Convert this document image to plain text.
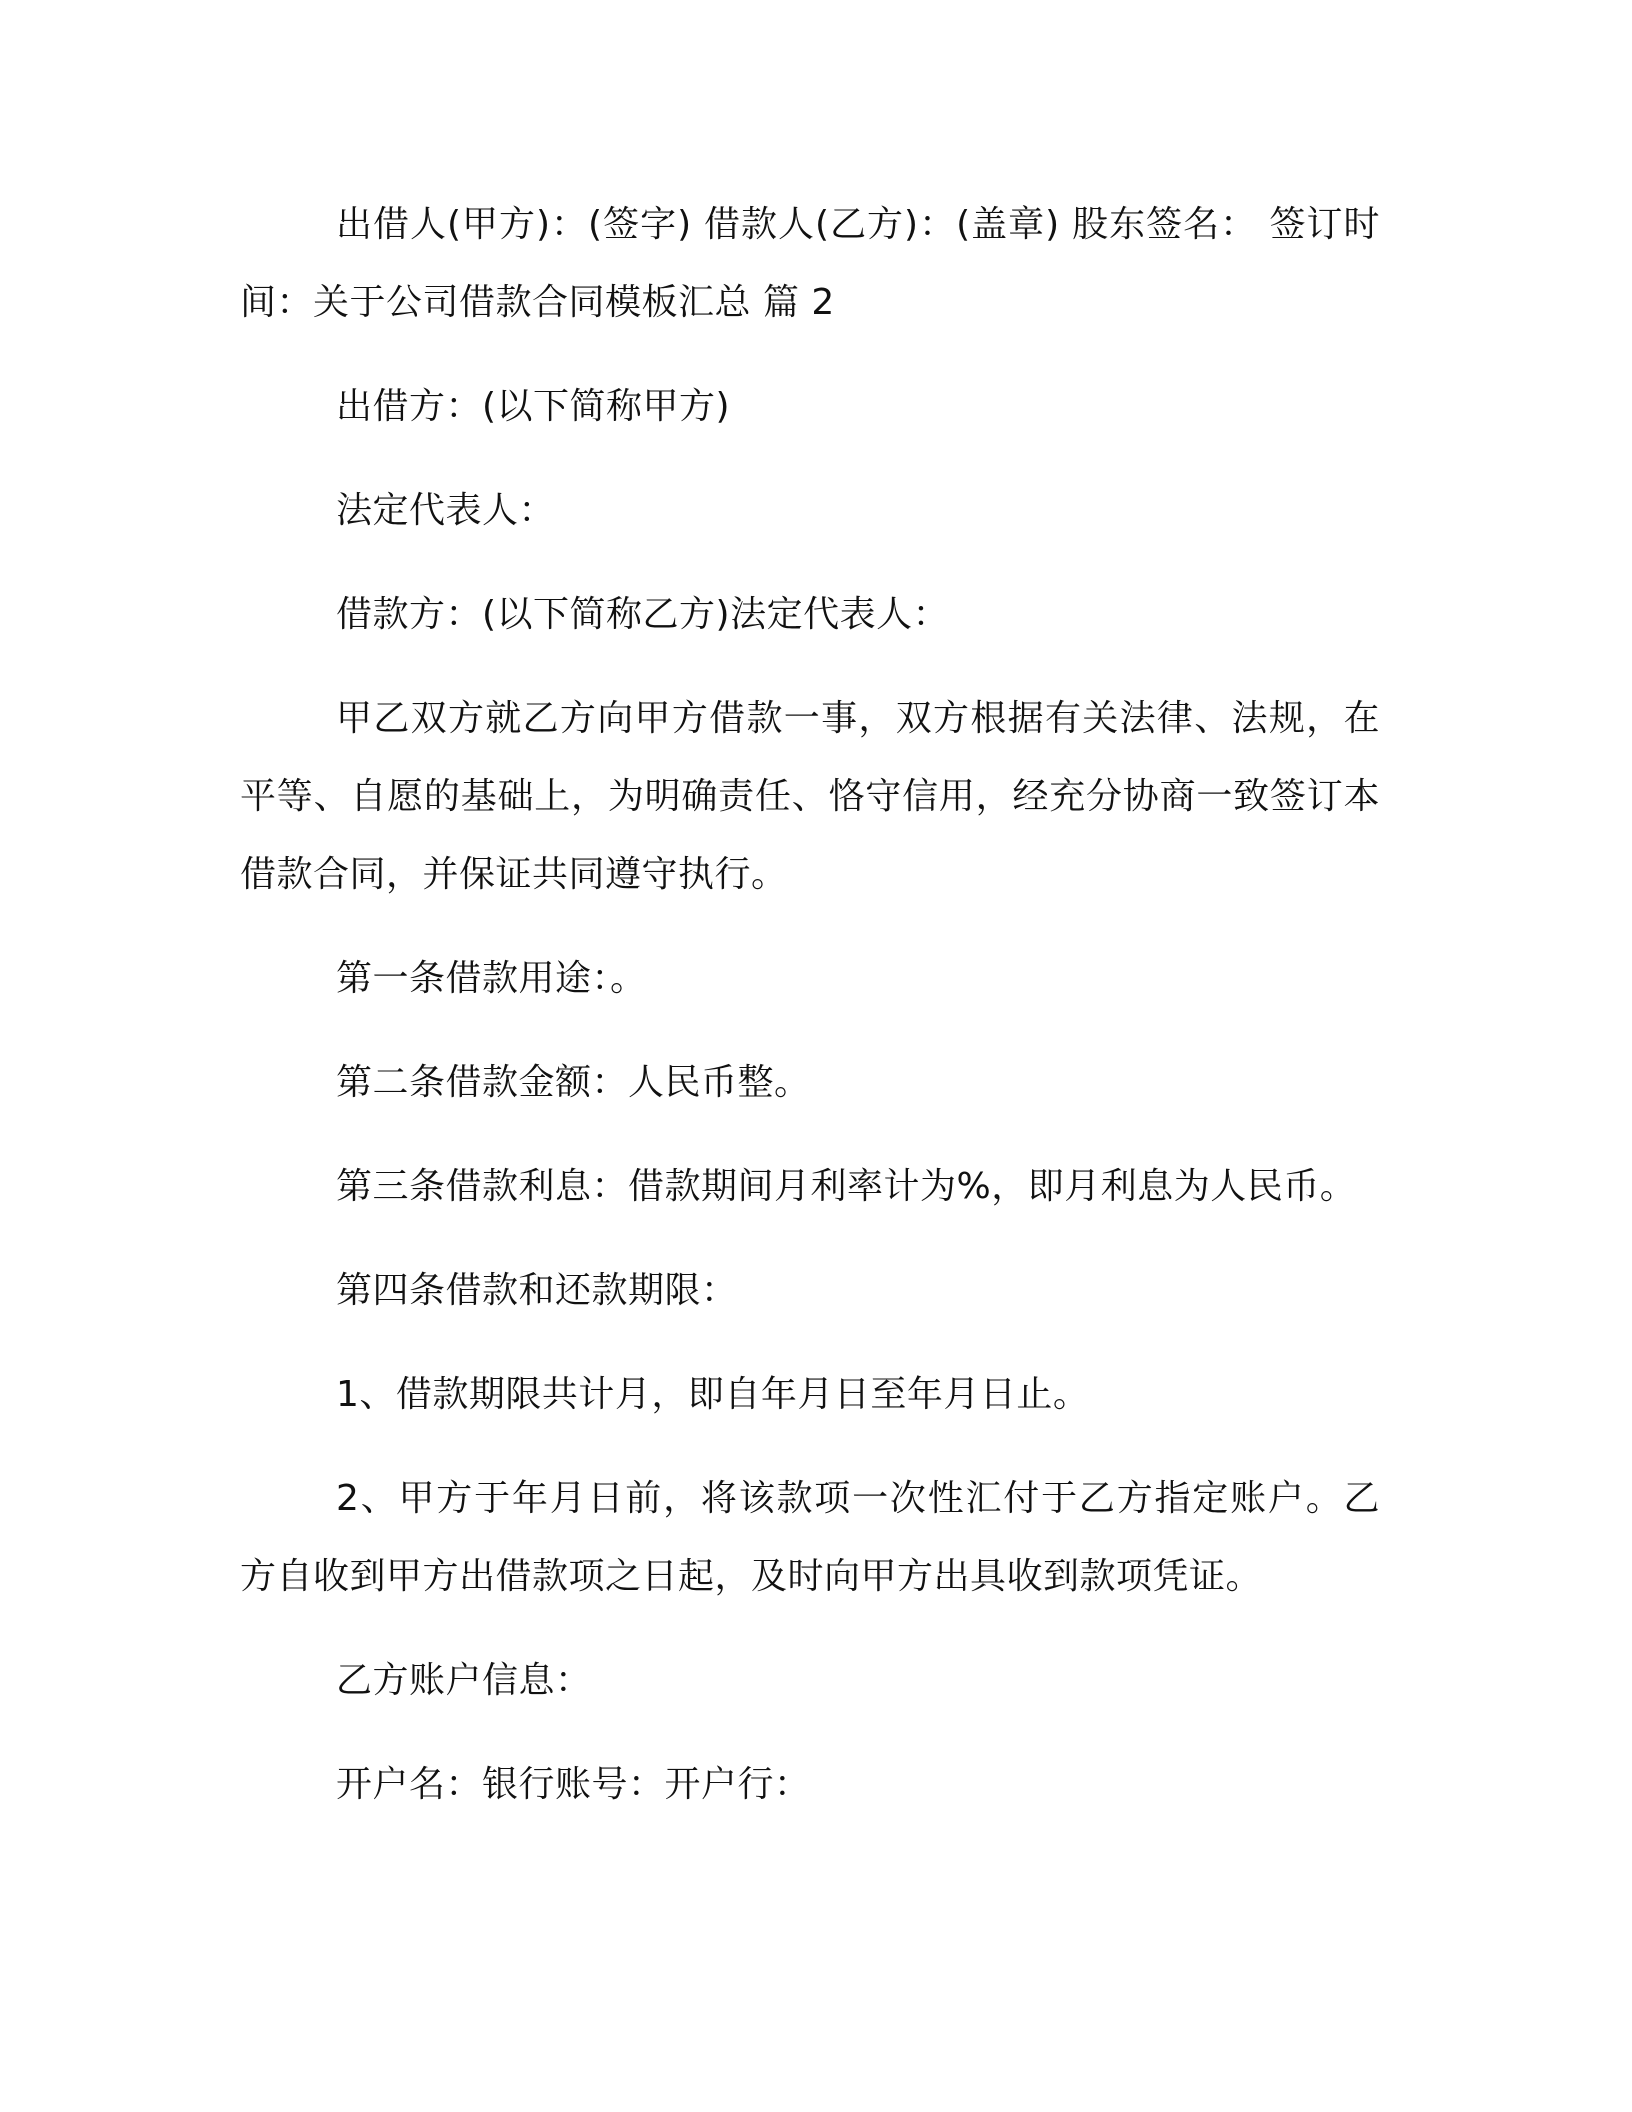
出借人(甲方)：(签字) 借款人(乙方)：(盖章) 股东签名： 签订时间：关于公司借款合同模板汇总 篇 2

出借方：(以下简称甲方)

法定代表人：

借款方：(以下简称乙方)法定代表人：

甲乙双方就乙方向甲方借款一事，双方根据有关法律、法规，在平等、自愿的基础上，为明确责任、恪守信用，经充分协商一致签订本借款合同，并保证共同遵守执行。

第一条借款用途：。

第二条借款金额：人民币整。

第三条借款利息：借款期间月利率计为%，即月利息为人民币。

第四条借款和还款期限：

1、借款期限共计月，即自年月日至年月日止。

2、甲方于年月日前，将该款项一次性汇付于乙方指定账户。乙方自收到甲方出借款项之日起，及时向甲方出具收到款项凭证。

乙方账户信息：

开户名：银行账号：开户行：
